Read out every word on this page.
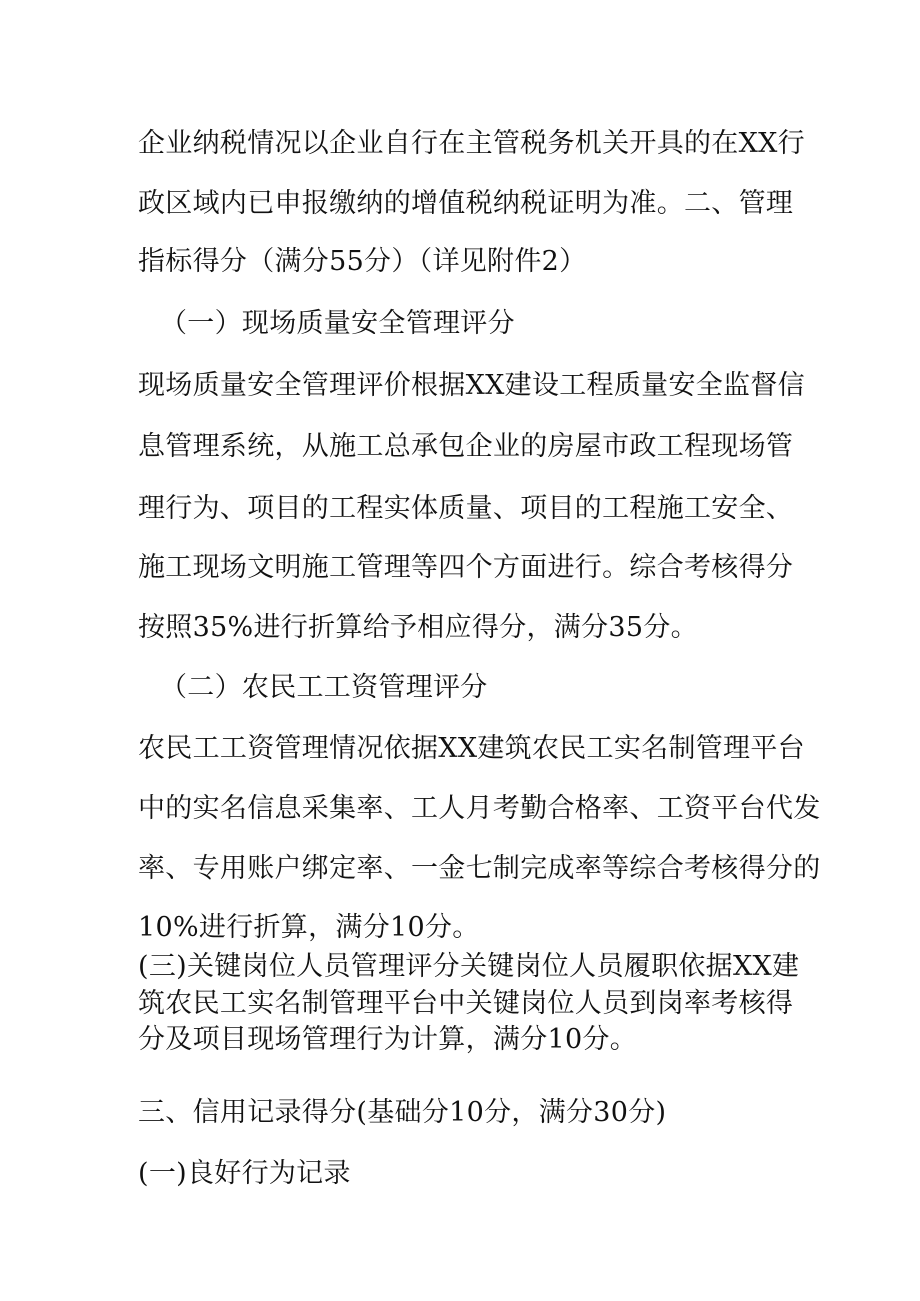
企业纳税情况以企业自行在主管税务机关开具的在XX行

政区域内已申报缴纳的增值税纳税证明为准。二、管理

指标得分（满分55分）（详见附件2）

（一）现场质量安全管理评分

现场质量安全管理评价根据XX建设工程质量安全监督信

息管理系统，从施工总承包企业的房屋市政工程现场管

理行为、项目的工程实体质量、项目的工程施工安全、

施工现场文明施工管理等四个方面进行。综合考核得分

按照35%进行折算给予相应得分，满分35分。

（二）农民工工资管理评分

农民工工资管理情况依据XX建筑农民工实名制管理平台

中的实名信息采集率、工人月考勤合格率、工资平台代发

率、专用账户绑定率、一金七制完成率等综合考核得分的

10%进行折算，满分10分。

(三)关键岗位人员管理评分关键岗位人员履职依据XX建

筑农民工实名制管理平台中关键岗位人员到岗率考核得

分及项目现场管理行为计算，满分10分。

三、信用记录得分(基础分10分，满分30分)

(一)良好行为记录
